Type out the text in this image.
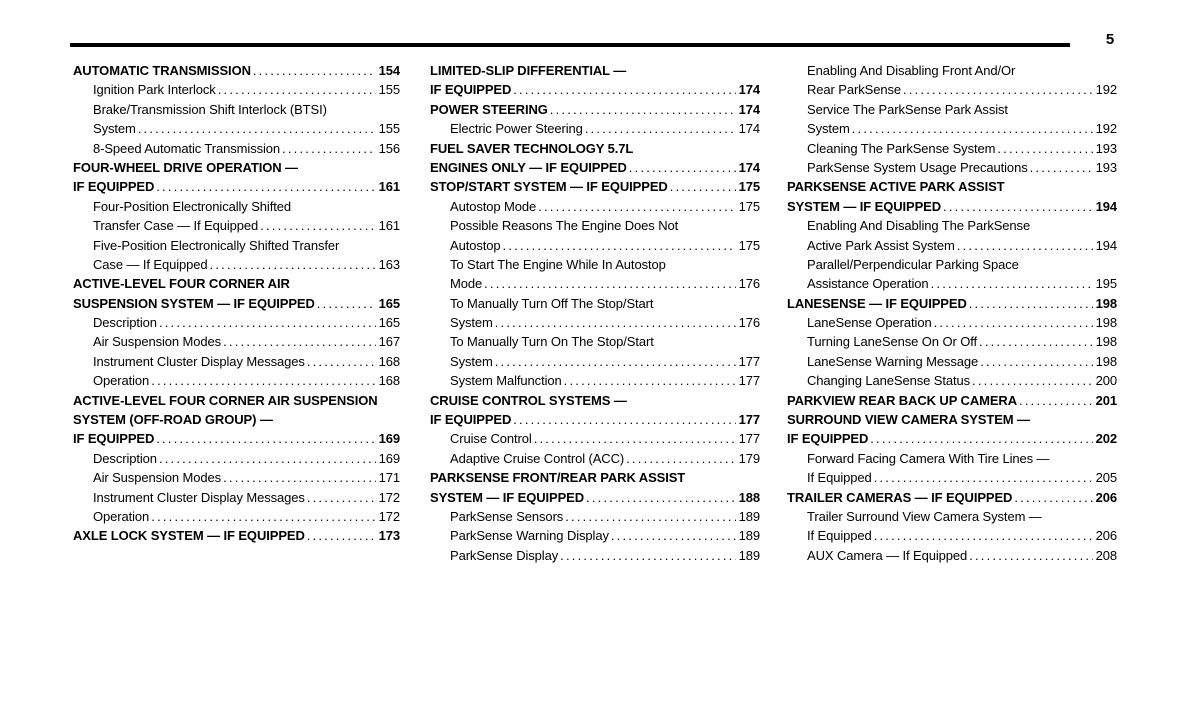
5
AUTOMATIC TRANSMISSION .....	154
Ignition Park Interlock .....	155
Brake/Transmission Shift Interlock (BTSI)
System .....	155
8-Speed Automatic Transmission .....	156
FOUR-WHEEL DRIVE OPERATION —
IF EQUIPPED .....	161
Four-Position Electronically Shifted
Transfer Case — If Equipped .....	161
Five-Position Electronically Shifted Transfer
Case — If Equipped .....	163
ACTIVE-LEVEL FOUR CORNER AIR
SUSPENSION SYSTEM — IF EQUIPPED .....	165
Description .....	165
Air Suspension Modes .....	167
Instrument Cluster Display Messages .....	168
Operation .....	168
ACTIVE-LEVEL FOUR CORNER AIR SUSPENSION
SYSTEM (OFF-ROAD GROUP) —
IF EQUIPPED .....	169
Description .....	169
Air Suspension Modes .....	171
Instrument Cluster Display Messages .....	172
Operation .....	172
AXLE LOCK SYSTEM — IF EQUIPPED .....	173
LIMITED-SLIP DIFFERENTIAL —
IF EQUIPPED .....	174
POWER STEERING .....	174
Electric Power Steering .....	174
FUEL SAVER TECHNOLOGY 5.7L
ENGINES ONLY — IF EQUIPPED .....	174
STOP/START SYSTEM — IF EQUIPPED .....	175
Autostop Mode .....	175
Possible Reasons The Engine Does Not
Autostop .....	175
To Start The Engine While In Autostop
Mode .....	176
To Manually Turn Off The Stop/Start
System .....	176
To Manually Turn On The Stop/Start
System .....	177
System Malfunction .....	177
CRUISE CONTROL SYSTEMS —
IF EQUIPPED .....	177
Cruise Control .....	177
Adaptive Cruise Control (ACC) .....	179
PARKSENSE FRONT/REAR PARK ASSIST
SYSTEM — IF EQUIPPED .....	188
ParkSense Sensors .....	189
ParkSense Warning Display .....	189
ParkSense Display .....	189
Enabling And Disabling Front And/Or
Rear ParkSense .....	192
Service The ParkSense Park Assist
System .....	192
Cleaning The ParkSense System .....	193
ParkSense System Usage Precautions .....	193
PARKSENSE ACTIVE PARK ASSIST
SYSTEM — IF EQUIPPED .....	194
Enabling And Disabling The ParkSense
Active Park Assist System .....	194
Parallel/Perpendicular Parking Space
Assistance Operation .....	195
LANESENSE — IF EQUIPPED .....	198
LaneSense Operation .....	198
Turning LaneSense On Or Off .....	198
LaneSense Warning Message .....	198
Changing LaneSense Status .....	200
PARKVIEW REAR BACK UP CAMERA .....	201
SURROUND VIEW CAMERA SYSTEM —
IF EQUIPPED .....	202
Forward Facing Camera With Tire Lines —
If Equipped .....	205
TRAILER CAMERAS — IF EQUIPPED .....	206
Trailer Surround View Camera System —
If Equipped .....	206
AUX Camera — If Equipped .....	208
